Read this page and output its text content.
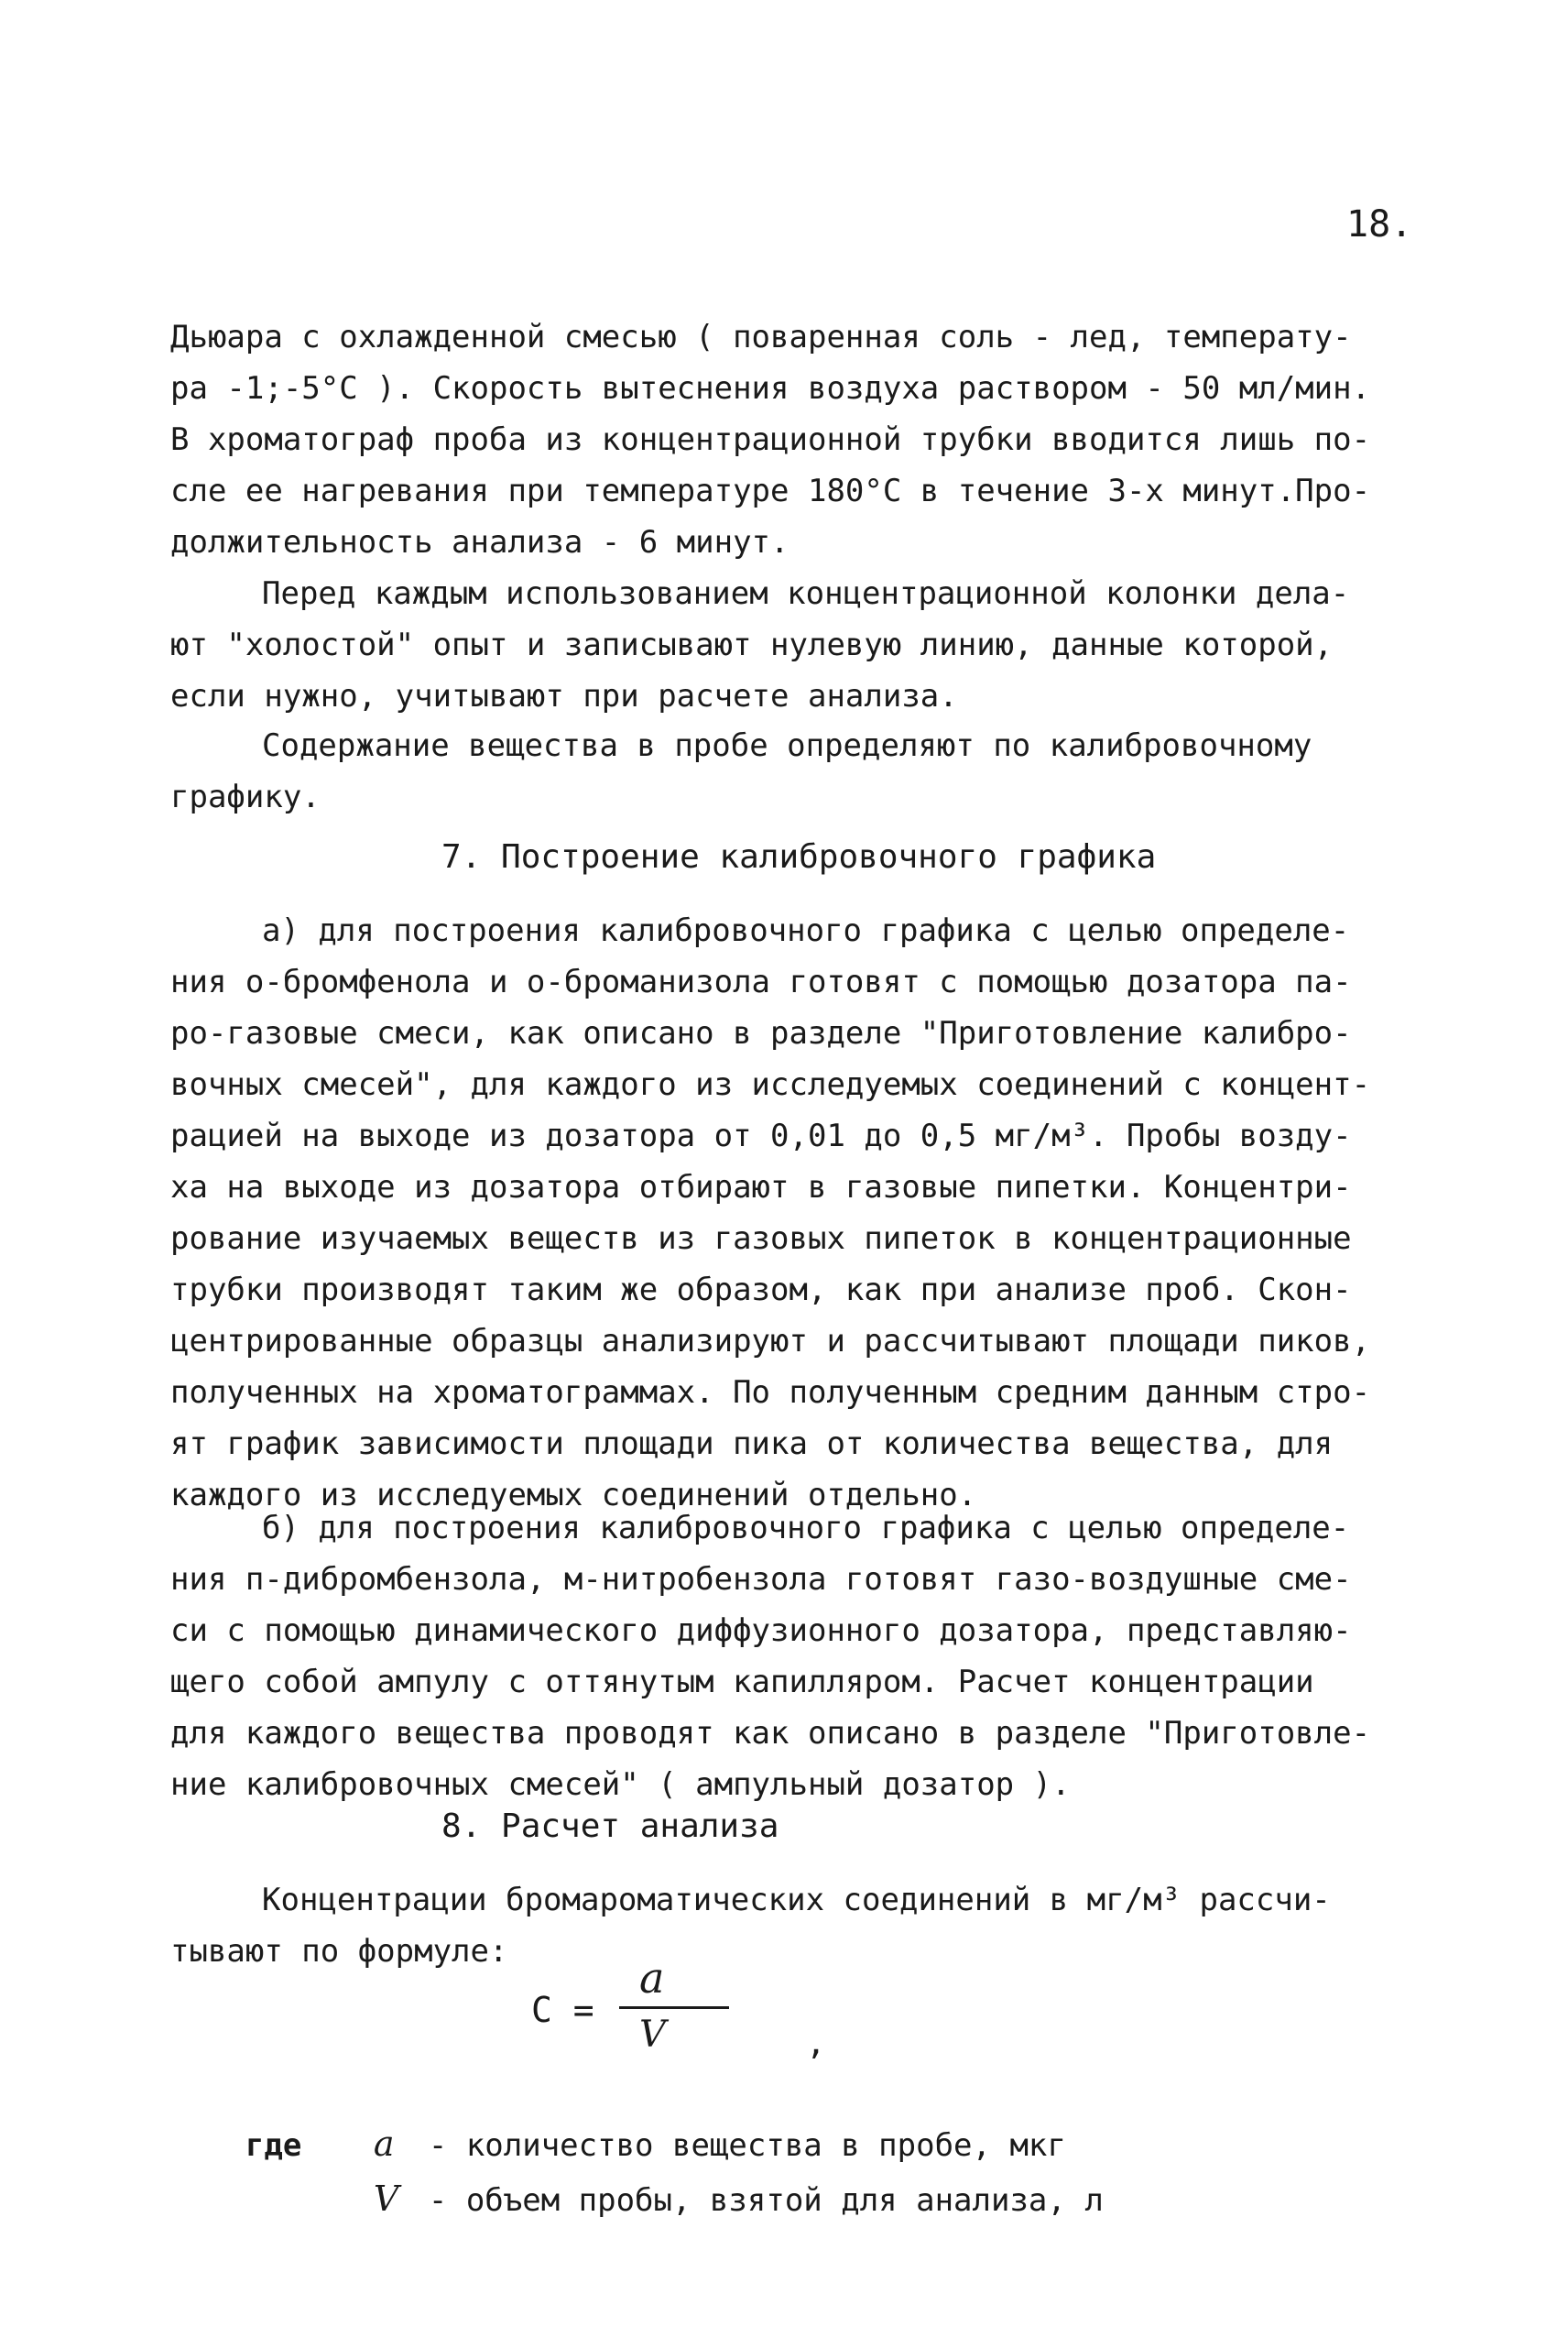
18.
Дьюара с охлажденной смесью ( поваренная соль - лед, температу-
ра -1;-5°С ). Скорость вытеснения воздуха раствором - 50 мл/мин.
В хроматограф проба из концентрационной трубки вводится лишь по-
сле ее нагревания при температуре 180°С в течение 3-х минут.Про-
должительность анализа - 6 минут.
Перед каждым использованием концентрационной колонки дела-
ют "холостой" опыт и записывают нулевую линию, данные которой,
если нужно, учитывают при расчете анализа.
Содержание вещества в пробе определяют по калибровочному
графику.
7. Построение калибровочного графика
а) для построения калибровочного графика с целью определе-
ния о-бромфенола и о-броманизола готовят с помощью дозатора па-
ро-газовые смеси, как описано в разделе "Приготовление калибро-
вочных смесей", для каждого из исследуемых соединений с концент-
рацией на выходе из дозатора от 0,01 до 0,5 мг/м³. Пробы возду-
ха на выходе из дозатора отбирают в газовые пипетки. Концентри-
рование изучаемых веществ из газовых пипеток в концентрационные
трубки производят таким же образом, как при анализе проб. Скон-
центрированные образцы анализируют и рассчитывают площади пиков,
полученных на хроматограммах. По полученным средним данным стро-
ят график зависимости площади пика от количества вещества, для
каждого из исследуемых соединений отдельно.
б) для построения калибровочного графика с целью определе-
ния п-дибромбензола, м-нитробензола готовят газо-воздушные сме-
си с помощью динамического диффузионного дозатора, представляю-
щего собой ампулу с оттянутым капилляром. Расчет концентрации
для каждого вещества проводят как описано в разделе "Приготовле-
ние калибровочных смесей" ( ампульный дозатор ).
8. Расчет анализа
Концентрации бромароматических соединений в мг/м³ рассчи-
тывают по формуле:
С =
a
V	,

где a - количество вещества в пробе, мкг

V - объем пробы, взятой для анализа, л
